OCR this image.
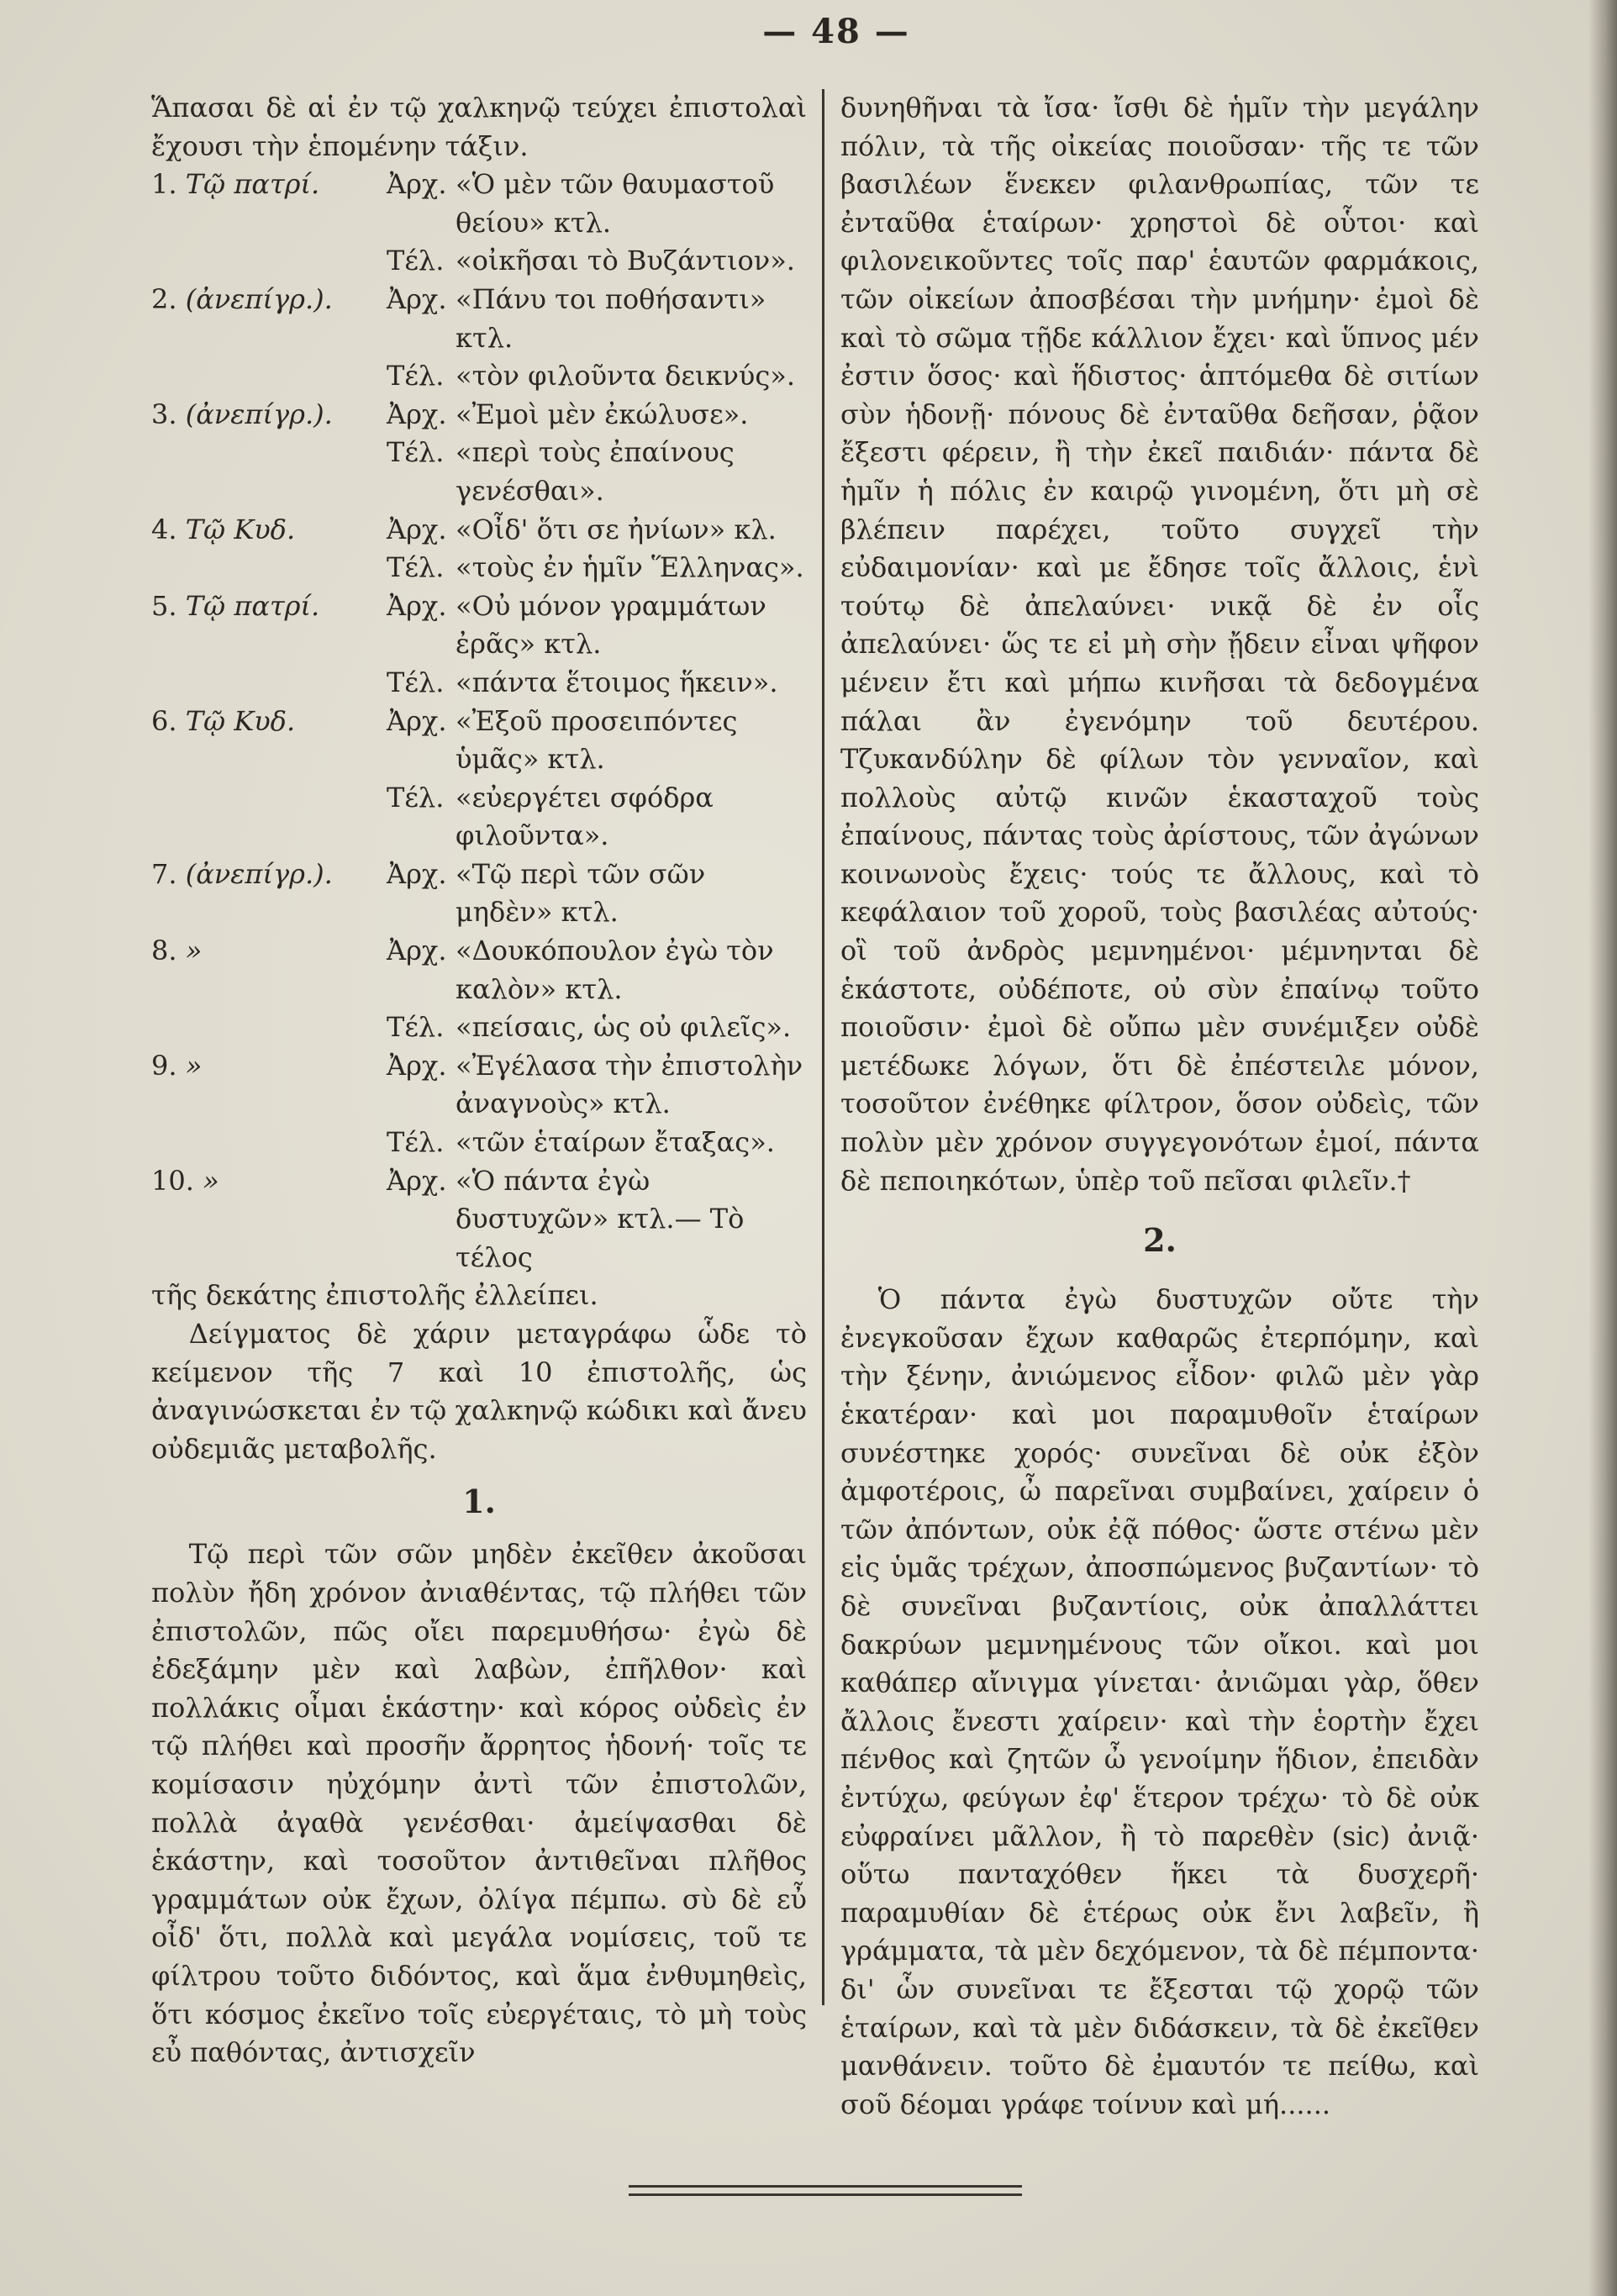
— 48 —

Ἅπασαι δὲ αἱ ἐν τῷ χαλκηνῷ τεύχει ἐπιστολαὶ ἔχουσι τὴν ἑπομένην τάξιν.

1. Τῷ πατρί.	Ἀρχ. «Ὁ μὲν τῶν θαυμαστοῦ θείου» κτλ.
Τέλ. «οἰκῆσαι τὸ Βυζάντιον».
2. (ἀνεπίγρ.).	Ἀρχ. «Πάνυ τοι ποθήσαντι» κτλ.
Τέλ. «τὸν φιλοῦντα δεικνύς».
3. (ἀνεπίγρ.).	Ἀρχ. «Ἐμοὶ μὲν ἐκώλυσε».
Τέλ. «περὶ τοὺς ἐπαίνους γενέσθαι».
4. Τῷ Κυδ.	Ἀρχ. «Οἶδ' ὅτι σε ἠνίων» κλ.
Τέλ. «τοὺς ἐν ἡμῖν Ἕλληνας».
5. Τῷ πατρί.	Ἀρχ. «Οὐ μόνον γραμμάτων ἐρᾶς» κτλ.
Τέλ. «πάντα ἕτοιμος ἥκειν».
6. Τῷ Κυδ.	Ἀρχ. «Ἐξοῦ προσειπόντες ὑμᾶς» κτλ.
Τέλ. «εὐεργέτει σφόδρα φιλοῦντα».
7. (ἀνεπίγρ.).	Ἀρχ. «Τῷ περὶ τῶν σῶν μηδὲν» κτλ.
8. »	Ἀρχ. «Δουκόπουλον ἐγὼ τὸν καλὸν» κτλ.
Τέλ. «πείσαις, ὡς οὐ φιλεῖς».
9. »	Ἀρχ. «Ἐγέλασα τὴν ἐπιστολὴν ἀναγνοὺς» κτλ.
Τέλ. «τῶν ἑταίρων ἔταξας».
10. »	Ἀρχ. «Ὁ πάντα ἐγὼ δυστυχῶν» κτλ.— Τὸ τέλος

τῆς δεκάτης ἐπιστολῆς ἐλλείπει.

Δείγματος δὲ χάριν μεταγράφω ὧδε τὸ κείμενον τῆς 7 καὶ 10 ἐπιστολῆς, ὡς ἀναγινώσκεται ἐν τῷ χαλκηνῷ κώδικι καὶ ἄνευ οὐδεμιᾶς μεταβολῆς.

1.

Τῷ περὶ τῶν σῶν μηδὲν ἐκεῖθεν ἀκοῦσαι πολὺν ἤδη χρόνον ἀνιαθέντας, τῷ πλήθει τῶν ἐπιστολῶν, πῶς οἴει παρεμυθήσω· ἐγὼ δὲ ἐδεξάμην μὲν καὶ λαβὼν, ἐπῆλθον· καὶ πολλάκις οἶμαι ἑκάστην· καὶ κόρος οὐδεὶς ἐν τῷ πλήθει καὶ προσῆν ἄρρητος ἡδονή· τοῖς τε κομίσασιν ηὐχόμην ἀντὶ τῶν ἐπιστολῶν, πολλὰ ἀγαθὰ γενέσθαι· ἀμείψασθαι δὲ ἑκάστην, καὶ τοσοῦτον ἀντιθεῖναι πλῆθος γραμμάτων οὐκ ἔχων, ὀλίγα πέμπω. σὺ δὲ εὖ οἶδ' ὅτι, πολλὰ καὶ μεγάλα νομίσεις, τοῦ τε φίλτρου τοῦτο διδόντος, καὶ ἅμα ἐνθυμηθεὶς, ὅτι κόσμος ἐκεῖνο τοῖς εὐεργέταις, τὸ μὴ τοὺς εὖ παθόντας, ἀντισχεῖν

δυνηθῆναι τὰ ἴσα· ἴσθι δὲ ἡμῖν τὴν μεγάλην πόλιν, τὰ τῆς οἰκείας ποιοῦσαν· τῆς τε τῶν βασιλέων ἕνεκεν φιλανθρωπίας, τῶν τε ἐνταῦθα ἑταίρων· χρηστοὶ δὲ οὗτοι· καὶ φιλονεικοῦντες τοῖς παρ' ἑαυτῶν φαρμάκοις, τῶν οἰκείων ἀποσβέσαι τὴν μνήμην· ἐμοὶ δὲ καὶ τὸ σῶμα τῇδε κάλλιον ἔχει· καὶ ὕπνος μέν ἐστιν ὅσος· καὶ ἥδιστος· ἁπτόμεθα δὲ σιτίων σὺν ἡδονῇ· πόνους δὲ ἐνταῦθα δεῆσαν, ῥᾷον ἔξεστι φέρειν, ἢ τὴν ἐκεῖ παιδιάν· πάντα δὲ ἡμῖν ἡ πόλις ἐν καιρῷ γινομένη, ὅτι μὴ σὲ βλέπειν παρέχει, τοῦτο συγχεῖ τὴν εὐδαιμονίαν· καὶ με ἔδησε τοῖς ἄλλοις, ἑνὶ τούτῳ δὲ ἀπελαύνει· νικᾷ δὲ ἐν οἷς ἀπελαύνει· ὥς τε εἰ μὴ σὴν ᾔδειν εἶναι ψῆφον μένειν ἔτι καὶ μήπω κινῆσαι τὰ δεδογμένα πάλαι ἂν ἐγενόμην τοῦ δευτέρου. Τζυκανδύλην δὲ φίλων τὸν γενναῖον, καὶ πολλοὺς αὐτῷ κινῶν ἑκασταχοῦ τοὺς ἐπαίνους, πάντας τοὺς ἀρίστους, τῶν ἀγώνων κοινωνοὺς ἔχεις· τούς τε ἄλλους, καὶ τὸ κεφάλαιον τοῦ χοροῦ, τοὺς βασιλέας αὐτούς· οἳ τοῦ ἀνδρὸς μεμνημένοι· μέμνηνται δὲ ἑκάστοτε, οὐδέποτε, οὐ σὺν ἐπαίνῳ τοῦτο ποιοῦσιν· ἐμοὶ δὲ οὔπω μὲν συνέμιξεν οὐδὲ μετέδωκε λόγων, ὅτι δὲ ἐπέστειλε μόνον, τοσοῦτον ἐνέθηκε φίλτρον, ὅσον οὐδεὶς, τῶν πολὺν μὲν χρόνον συγγεγονότων ἐμοί, πάντα δὲ πεποιηκότων, ὑπὲρ τοῦ πεῖσαι φιλεῖν.†

2.

Ὁ πάντα ἐγὼ δυστυχῶν οὔτε τὴν ἐνεγκοῦσαν ἔχων καθαρῶς ἐτερπόμην, καὶ τὴν ξένην, ἀνιώμενος εἶδον· φιλῶ μὲν γὰρ ἑκατέραν· καὶ μοι παραμυθοῖν ἑταίρων συνέστηκε χορός· συνεῖναι δὲ οὐκ ἐξὸν ἀμφοτέροις, ὦ παρεῖναι συμβαίνει, χαίρειν ὁ τῶν ἀπόντων, οὐκ ἐᾷ πόθος· ὥστε στένω μὲν εἰς ὑμᾶς τρέχων, ἀποσπώμενος βυζαντίων· τὸ δὲ συνεῖναι βυζαντίοις, οὐκ ἀπαλλάττει δακρύων μεμνημένους τῶν οἴκοι. καὶ μοι καθάπερ αἴνιγμα γίνεται· ἀνιῶμαι γὰρ, ὅθεν ἄλλοις ἔνεστι χαίρειν· καὶ τὴν ἑορτὴν ἔχει πένθος καὶ ζητῶν ὦ γενοίμην ἥδιον, ἐπειδὰν ἐντύχω, φεύγων ἐφ' ἕτερον τρέχω· τὸ δὲ οὐκ εὐφραίνει μᾶλλον, ἢ τὸ παρεθὲν (sic) ἀνιᾷ· οὕτω πανταχόθεν ἥκει τὰ δυσχερῆ· παραμυθίαν δὲ ἑτέρως οὐκ ἔνι λαβεῖν, ἢ γράμματα, τὰ μὲν δεχόμενον, τὰ δὲ πέμποντα· δι' ὧν συνεῖναι τε ἔξεσται τῷ χορῷ τῶν ἑταίρων, καὶ τὰ μὲν διδάσκειν, τὰ δὲ ἐκεῖθεν μανθάνειν. τοῦτο δὲ ἐμαυτόν τε πείθω, καὶ σοῦ δέομαι γράφε τοίνυν καὶ μή......
